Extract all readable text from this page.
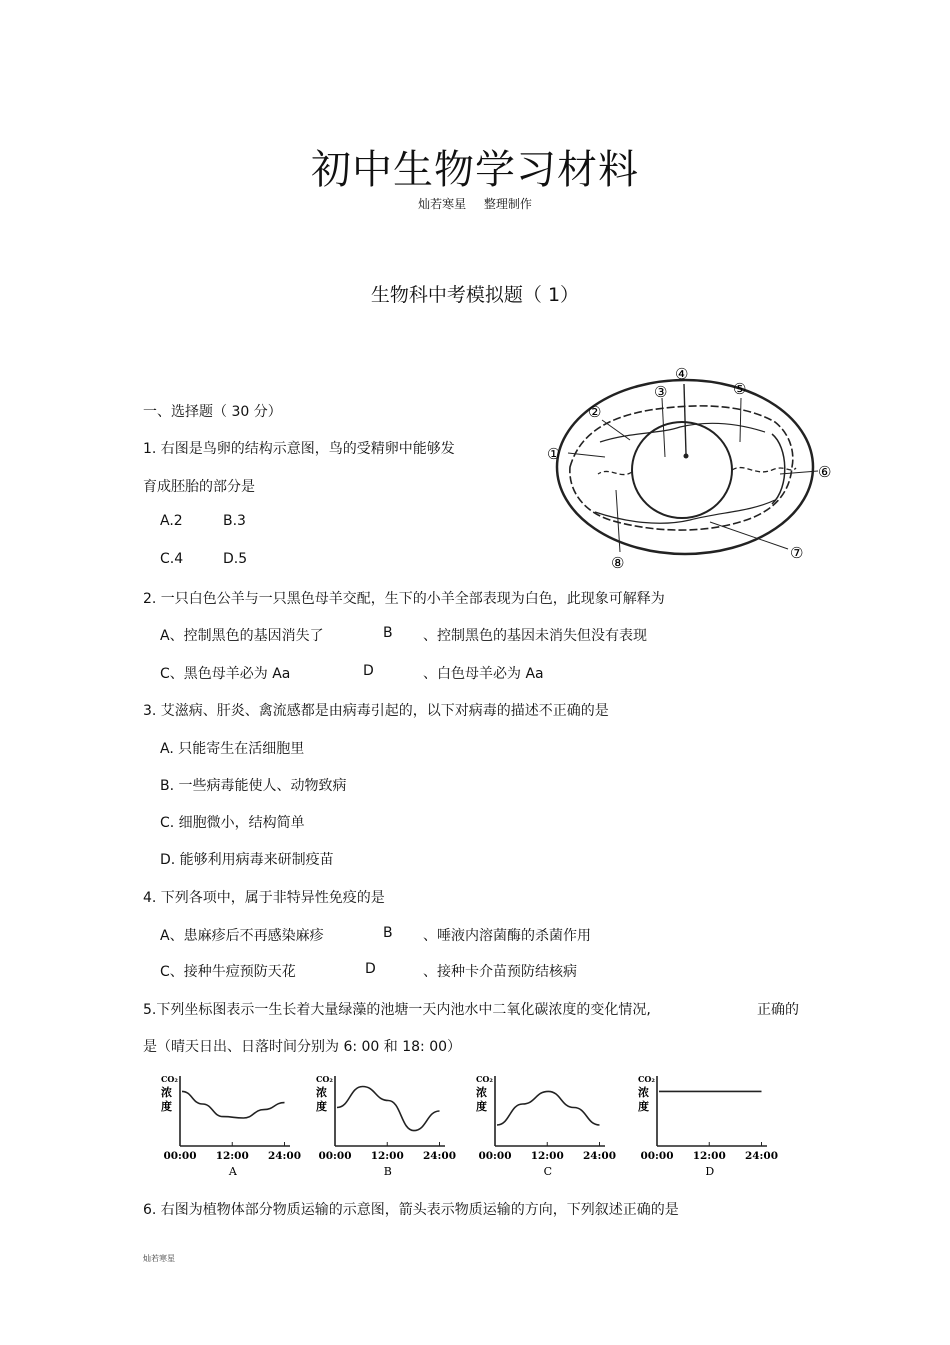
初中生物学习材料
灿若寒星 整理制作
生物科中考模拟题（ 1）
一、选择题（ 30 分）
1. 右图是鸟卵的结构示意图，鸟的受精卵中能够发
育成胚胎的部分是
A.2	B.3
C.4	D.5
①
②
③
④
⑤
⑥
⑦
⑧
2. 一只白色公羊与一只黑色母羊交配，生下的小羊全部表现为白色，此现象可解释为
A、控制黑色的基因消失了	B 、控制黑色的基因未消失但没有表现
C、黑色母羊必为 Aa	D	、白色母羊必为 Aa
3. 艾滋病、肝炎、禽流感都是由病毒引起的，以下对病毒的描述不正确的是
A. 只能寄生在活细胞里
B. 一些病毒能使人、动物致病
C. 细胞微小，结构简单
D. 能够利用病毒来研制疫苗
4. 下列各项中，属于非特异性免疫的是
A、患麻疹后不再感染麻疹	B 、唾液内溶菌酶的杀菌作用
C、接种牛痘预防天花	D	、接种卡介苗预防结核病
5.下列坐标图表示一生长着大量绿藻的池塘一天内池水中二氧化碳浓度的变化情况,	正确的
是（晴天日出、日落时间分别为 6: 00 和 18: 00）
CO₂
浓
度
00:00 12:00 24:00
A
CO₂
浓
度
00:00 12:00 24:00
B
CO₂
浓
度
00:00 12:00 24:00
C
CO₂
浓
度
00:00 12:00 24:00
D
6. 右图为植物体部分物质运输的示意图，箭头表示物质运输的方向，下列叙述正确的是
灿若寒星
